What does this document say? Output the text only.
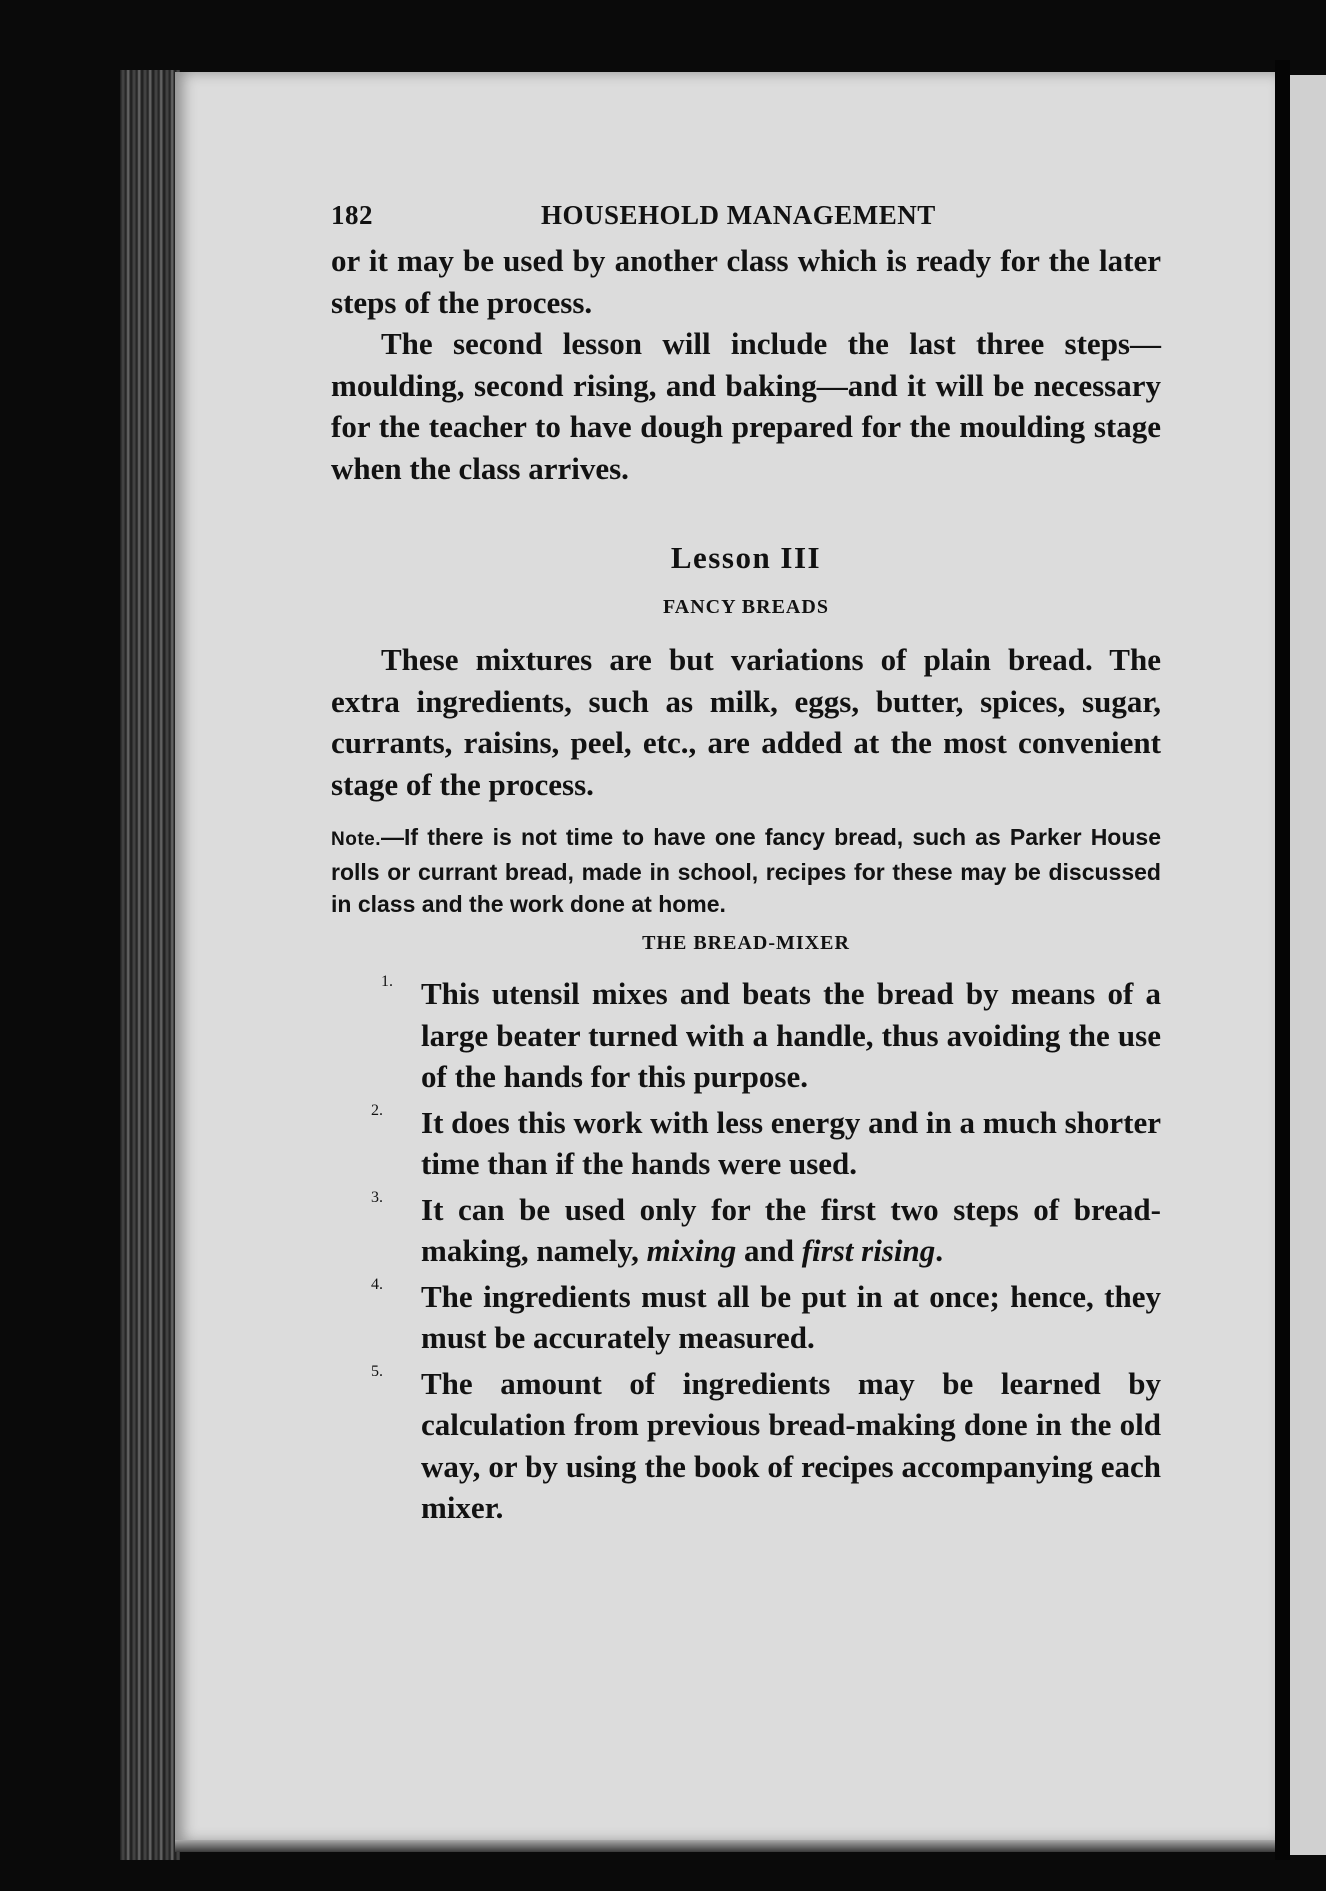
182	HOUSEHOLD MANAGEMENT

or it may be used by another class which is ready for the later steps of the process.

The second lesson will include the last three steps—moulding, second rising, and baking—and it will be necessary for the teacher to have dough prepared for the moulding stage when the class arrives.

Lesson III
FANCY BREADS

These mixtures are but variations of plain bread. The extra ingredients, such as milk, eggs, butter, spices, sugar, currants, raisins, peel, etc., are added at the most convenient stage of the process.

Note.—If there is not time to have one fancy bread, such as Parker House rolls or currant bread, made in school, recipes for these may be discussed in class and the work done at home.
THE BREAD-MIXER
1. This utensil mixes and beats the bread by means of a large beater turned with a handle, thus avoiding the use of the hands for this purpose.

2. It does this work with less energy and in a much shorter time than if the hands were used.

3. It can be used only for the first two steps of bread-making, namely, mixing and first rising.

4. The ingredients must all be put in at once; hence, they must be accurately measured.

5. The amount of ingredients may be learned by calculation from previous bread-making done in the old way, or by using the book of recipes accompanying each mixer.
